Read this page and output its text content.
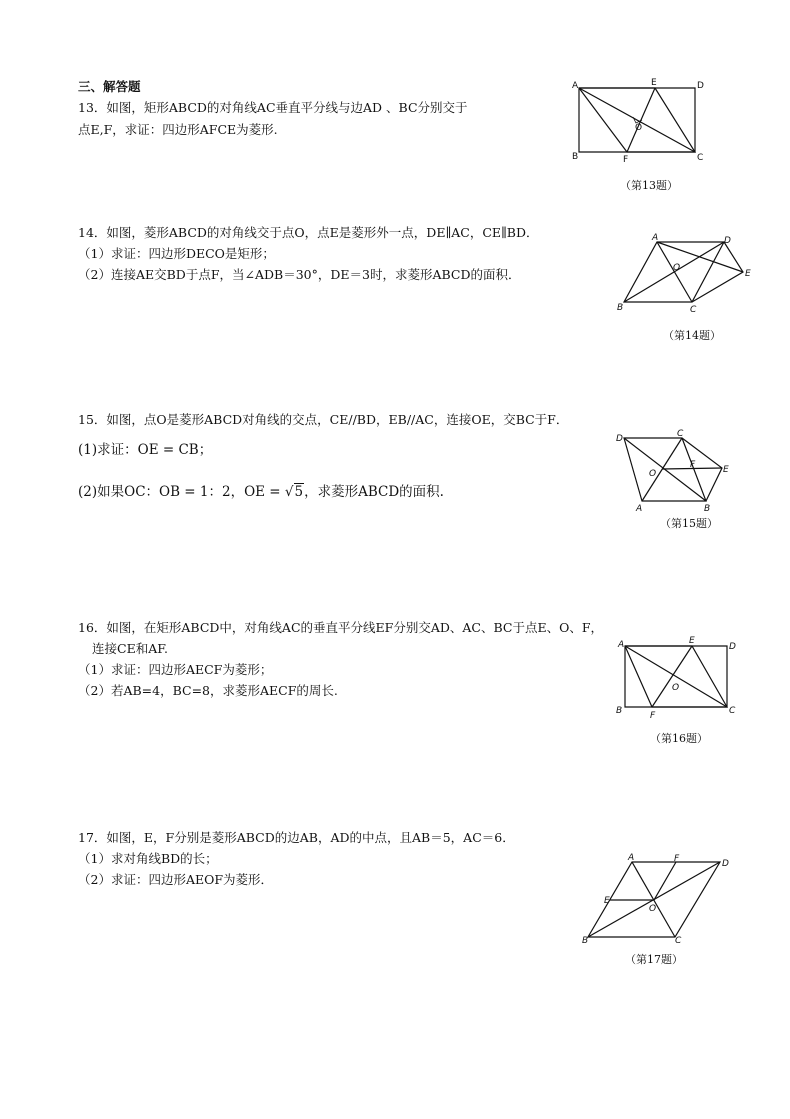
三、解答题
13．如图，矩形ABCD的对角线AC垂直平分线与边AD 、BC分别交于
点E,F，求证：四边形AFCE为菱形.
A
B	C
D
E
F
O
（第13题）
14．如图，菱形ABCD的对角线交于点O，点E是菱形外一点，DE∥AC，CE∥BD．
（1）求证：四边形DECO是矩形；
（2）连接AE交BD于点F，当∠ADB＝30°，DE＝3时，求菱形ABCD的面积．
A
B	C
D
E
O
（第14题）
15．如图，点O是菱形ABCD对角线的交点，CE//BD，EB//AC，连接OE，交BC于F．
(1)求证：OE = CB；
(2)如果OC：OB = 1：2，OE = √5，求菱形ABCD的面积.
D	C
E
B
A
O
F
（第15题）
16．如图，在矩形ABCD中，对角线AC的垂直平分线EF分别交AD、AC、BC于点E、O、F，
连接CE和AF.
（1）求证：四边形AECF为菱形；
（2）若AB=4，BC=8，求菱形AECF的周长.
A
B	C
D
E
F
O
（第16题）
17．如图，E，F分别是菱形ABCD的边AB，AD的中点，且AB＝5，AC＝6．
（1）求对角线BD的长；
（2）求证：四边形AEOF为菱形．
A	F	D
E
O
B	C
（第17题）
